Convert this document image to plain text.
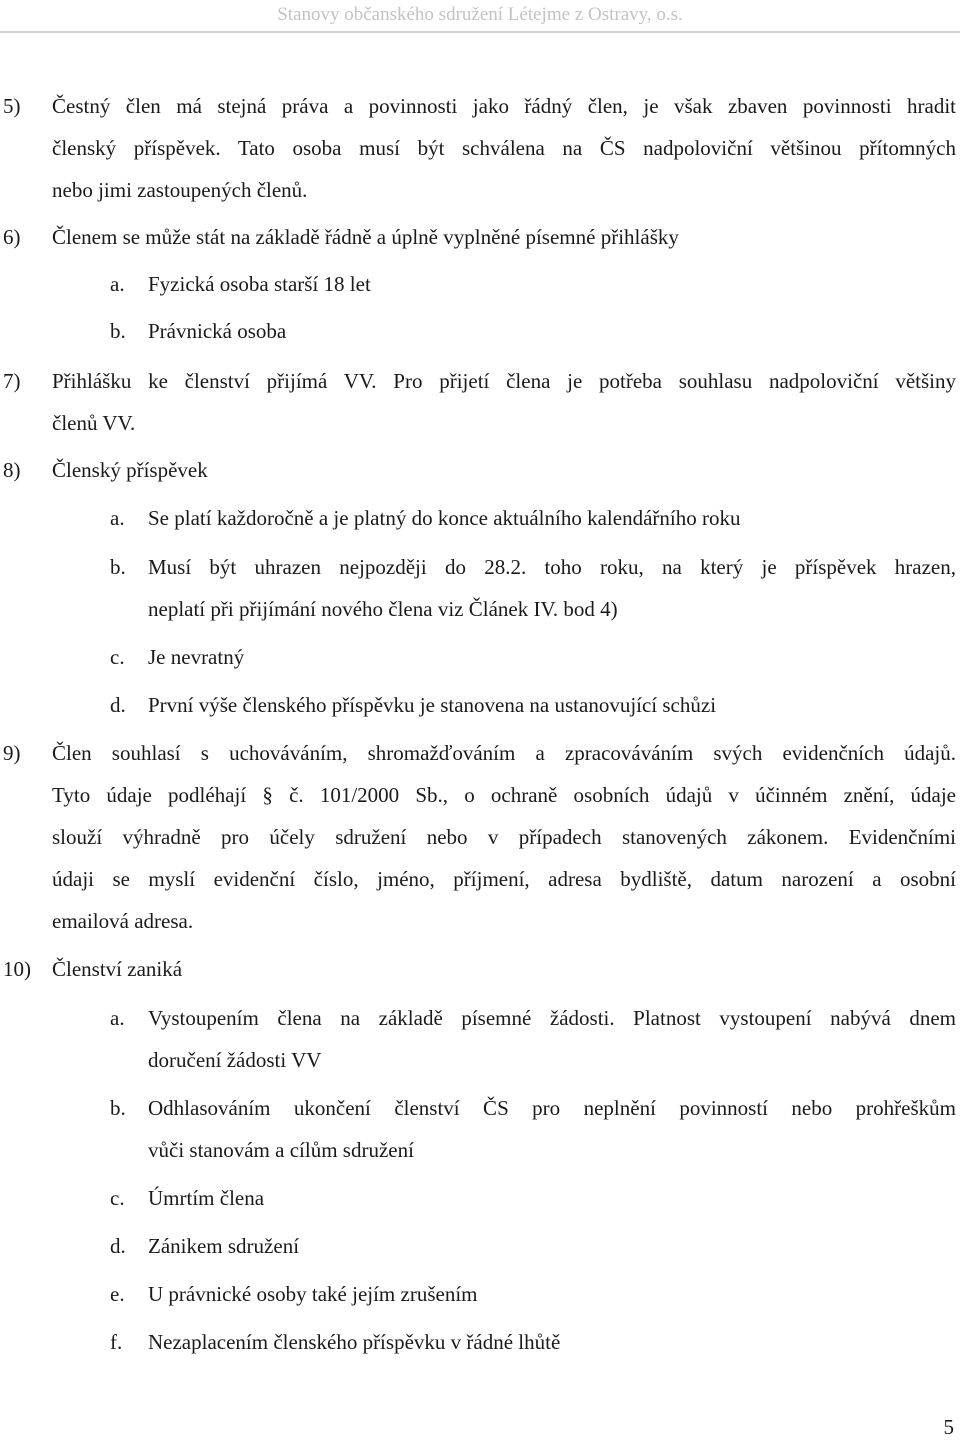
Stanovy občanského sdružení Létejme z Ostravy, o.s.
5) Čestný člen má stejná práva a povinnosti jako řádný člen, je však zbaven povinnosti hradit
členský příspěvek. Tato osoba musí být schválena na ČS nadpoloviční většinou přítomných
nebo jimi zastoupených členů.
6) Členem se může stát na základě řádně a úplně vyplněné písemné přihlášky
a. Fyzická osoba starší 18 let
b. Právnická osoba
7) Přihlášku ke členství přijímá VV. Pro přijetí člena je potřeba souhlasu nadpoloviční většiny
členů VV.
8) Členský příspěvek
a. Se platí každoročně a je platný do konce aktuálního kalendářního roku
b. Musí být uhrazen nejpozději do 28.2. toho roku, na který je příspěvek hrazen,
neplatí při přijímání nového člena viz Článek IV. bod 4)
c. Je nevratný
d. První výše členského příspěvku je stanovena na ustanovující schůzi
9) Člen souhlasí s uchováváním, shromažďováním a zpracováváním svých evidenčních údajů.
Tyto údaje podléhají § č. 101/2000 Sb., o ochraně osobních údajů v účinném znění, údaje
slouží výhradně pro účely sdružení nebo v případech stanovených zákonem. Evidenčními
údaji se myslí evidenční číslo, jméno, příjmení, adresa bydliště, datum narození a osobní
emailová adresa.
10) Členství zaniká
a. Vystoupením člena na základě písemné žádosti. Platnost vystoupení nabývá dnem
doručení žádosti VV
b. Odhlasováním ukončení členství ČS pro neplnění povinností nebo prohřeškům
vůči stanovám a cílům sdružení
c. Úmrtím člena
d. Zánikem sdružení
e. U právnické osoby také jejím zrušením
f. Nezaplacením členského příspěvku v řádné lhůtě
5
